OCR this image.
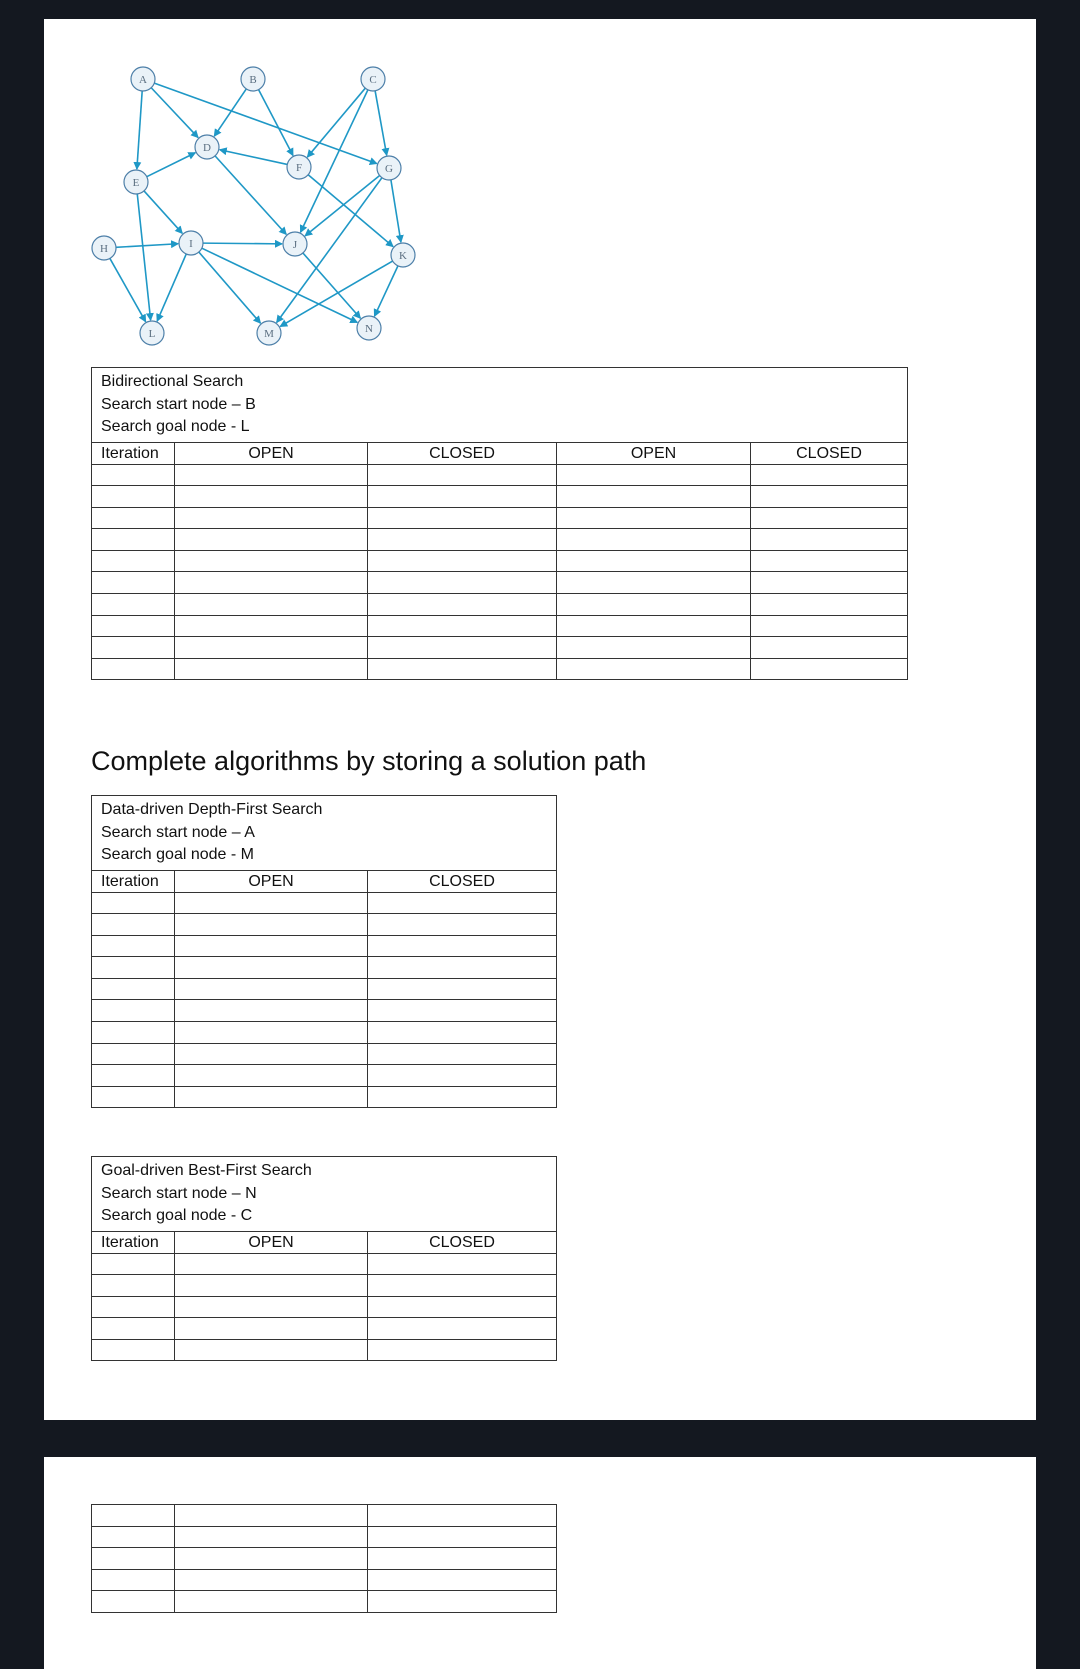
A	B	C
D
E
F	G
H	I	J
K
L	M	N
Bidirectional Search
Search start node – B
Search goal node - L				

Iteration	OPEN	CLOSED	OPEN	CLOSED

Complete algorithms by storing a solution path
Data-driven Depth-First Search
Search start node – A
Search goal node - M		

Iteration	OPEN	CLOSED

Goal-driven Best-First Search
Search start node – N
Search goal node - C		

Iteration	OPEN	CLOSED
